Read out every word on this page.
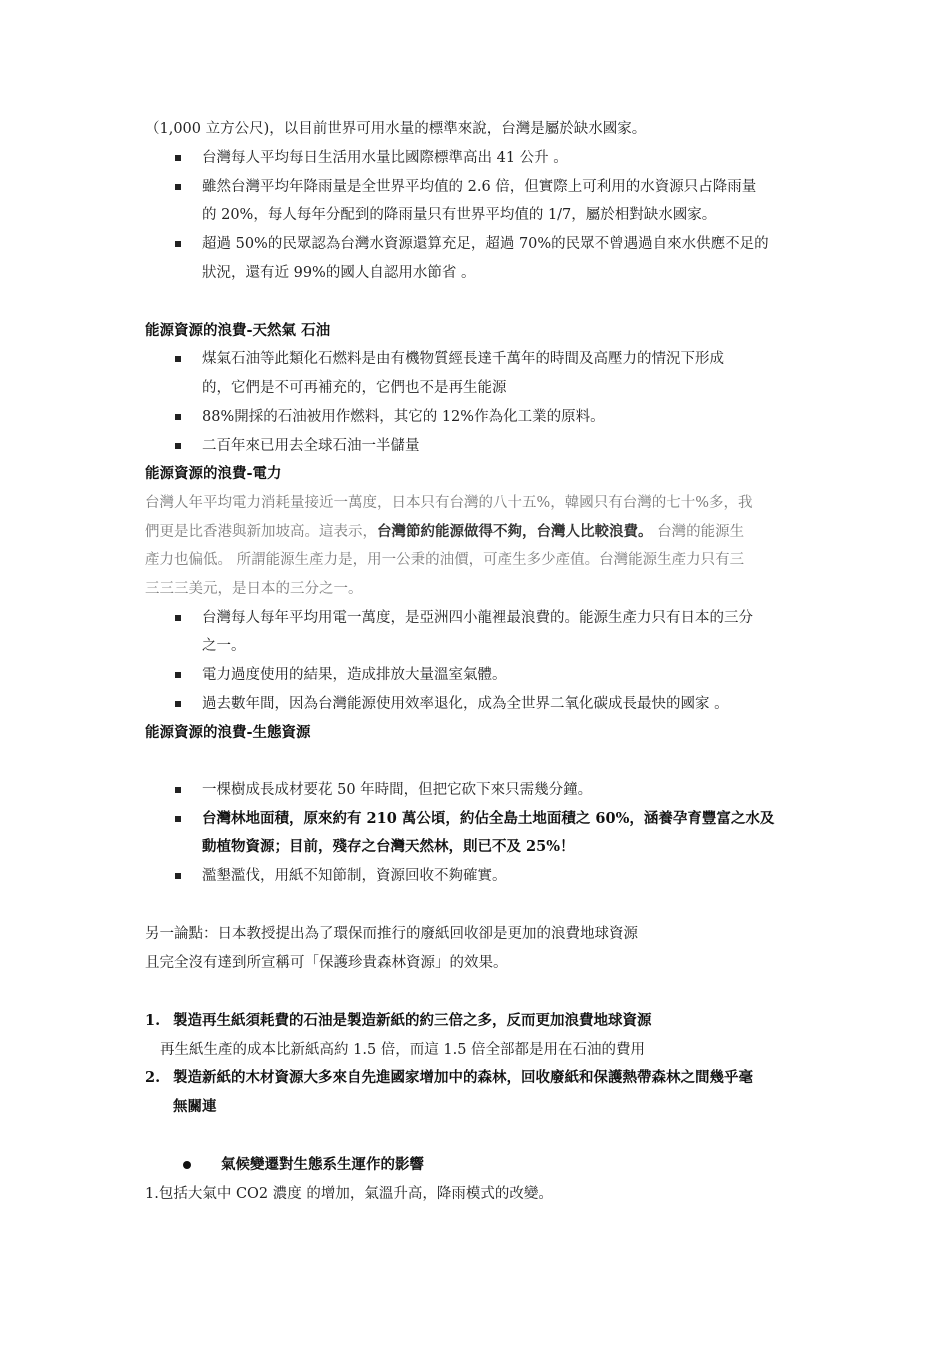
（1,000 立方公尺)，以目前世界可用水量的標準來說，台灣是屬於缺水國家。
台灣每人平均每日生活用水量比國際標準高出 41 公升 。
雖然台灣平均年降雨量是全世界平均值的 2.6 倍，但實際上可利用的水資源只占降雨量
的 20%，每人每年分配到的降雨量只有世界平均值的 1/7，屬於相對缺水國家。
超過 50%的民眾認為台灣水資源還算充足，超過 70%的民眾不曾遇過自來水供應不足的
狀況，還有近 99%的國人自認用水節省 。
能源資源的浪費-天然氣 石油
煤氣石油等此類化石燃料是由有機物質經長達千萬年的時間及高壓力的情況下形成
的，它們是不可再補充的，它們也不是再生能源
88%開採的石油被用作燃料，其它的 12%作為化工業的原料。
二百年來已用去全球石油一半儲量
能源資源的浪費-電力
台灣人年平均電力消耗量接近一萬度，日本只有台灣的八十五%，韓國只有台灣的七十%多，我
們更是比香港與新加坡高。這表示，台灣節約能源做得不夠，台灣人比較浪費。 台灣的能源生
產力也偏低。 所謂能源生產力是，用一公秉的油價，可產生多少產值。台灣能源生產力只有三
三三三美元，是日本的三分之一。
台灣每人每年平均用電一萬度，是亞洲四小龍裡最浪費的。能源生產力只有日本的三分
之一。
電力過度使用的結果，造成排放大量溫室氣體。
過去數年間，因為台灣能源使用效率退化，成為全世界二氧化碳成長最快的國家 。
能源資源的浪費-生態資源
一棵樹成長成材要花 50 年時間，但把它砍下來只需幾分鐘。
台灣林地面積，原來約有 210 萬公頃，約佔全島土地面積之 60%，涵養孕育豐富之水及
動植物資源；目前，殘存之台灣天然林，則已不及 25%！
濫墾濫伐，用紙不知節制，資源回收不夠確實。
另一論點：日本教授提出為了環保而推行的廢紙回收卻是更加的浪費地球資源
且完全沒有達到所宣稱可「保護珍貴森林資源」的效果。
1. 製造再生紙須耗費的石油是製造新紙的約三倍之多，反而更加浪費地球資源
再生紙生產的成本比新紙高約 1.5 倍，而這 1.5 倍全部都是用在石油的費用
2. 製造新紙的木材資源大多來自先進國家增加中的森林，回收廢紙和保護熱帶森林之間幾乎毫
無關連
氣候變遷對生態系生運作的影響
1.包括大氣中 CO2 濃度 的增加，氣溫升高，降雨模式的改變。
